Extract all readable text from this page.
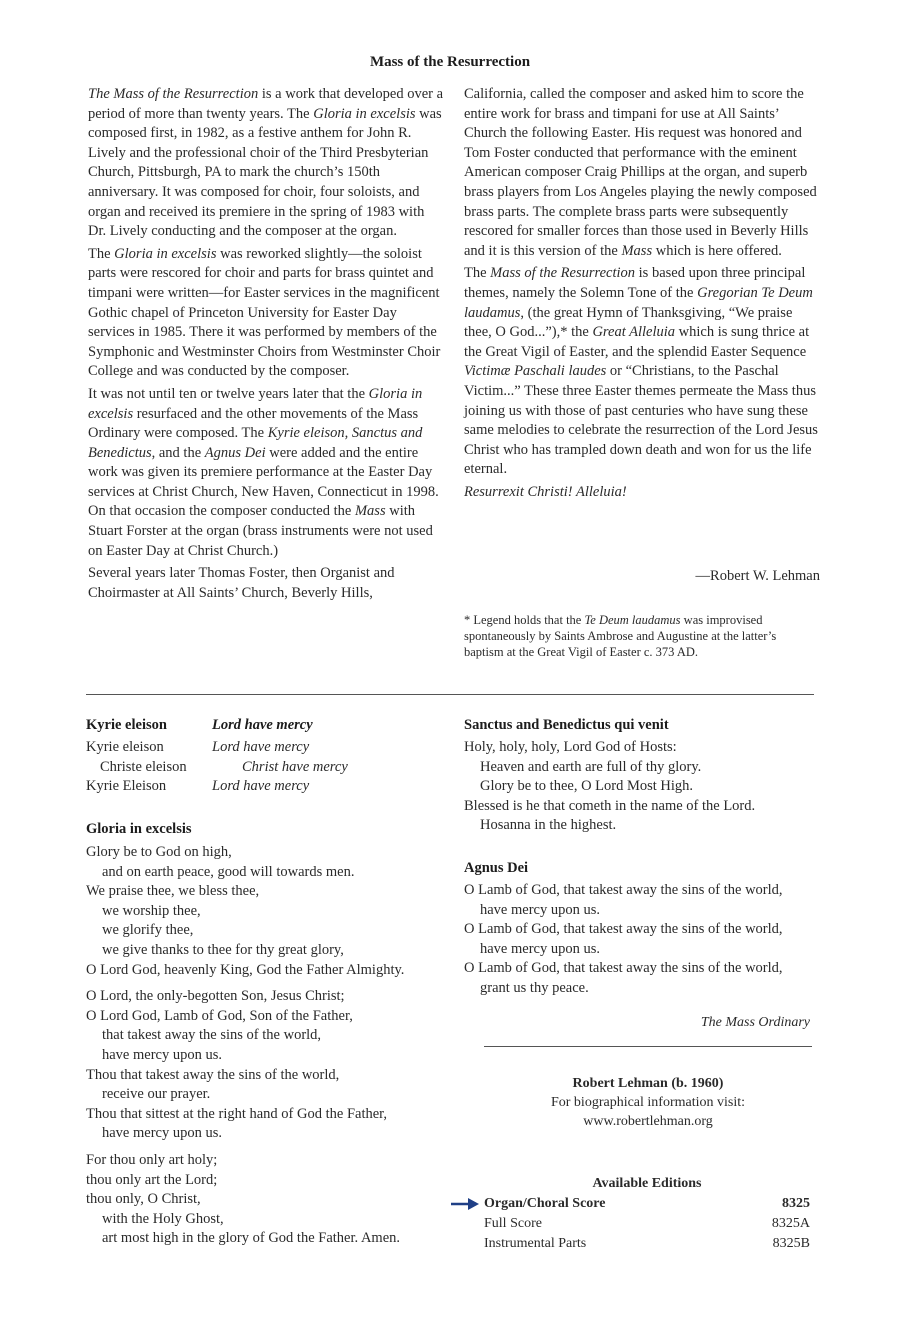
Mass of the Resurrection

The Mass of the Resurrection is a work that developed over a period of more than twenty years. The Gloria in excelsis was composed first, in 1982, as a festive anthem for John R. Lively and the professional choir of the Third Presbyterian Church, Pittsburgh, PA to mark the church’s 150th anniversary. It was composed for choir, four soloists, and organ and received its premiere in the spring of 1983 with Dr. Lively conducting and the composer at the organ.

The Gloria in excelsis was reworked slightly—the soloist parts were rescored for choir and parts for brass quintet and timpani were written—for Easter services in the magnificent Gothic chapel of Princeton University for Easter Day services in 1985. There it was performed by members of the Symphonic and Westminster Choirs from Westminster Choir College and was conducted by the composer.

It was not until ten or twelve years later that the Gloria in excelsis resurfaced and the other movements of the Mass Ordinary were composed. The Kyrie eleison, Sanctus and Benedictus, and the Agnus Dei were added and the entire work was given its premiere performance at the Easter Day services at Christ Church, New Haven, Connecticut in 1998. On that occasion the composer conducted the Mass with Stuart Forster at the organ (brass instruments were not used on Easter Day at Christ Church.)

Several years later Thomas Foster, then Organist and Choirmaster at All Saints’ Church, Beverly Hills,

California, called the composer and asked him to score the entire work for brass and timpani for use at All Saints’ Church the following Easter. His request was honored and Tom Foster conducted that performance with the eminent American composer Craig Phillips at the organ, and superb brass players from Los Angeles playing the newly composed brass parts. The complete brass parts were subsequently rescored for smaller forces than those used in Beverly Hills and it is this version of the Mass which is here offered.

The Mass of the Resurrection is based upon three principal themes, namely the Solemn Tone of the Gregorian Te Deum laudamus, (the great Hymn of Thanksgiving, “We praise thee, O God...”),* the Great Alleluia which is sung thrice at the Great Vigil of Easter, and the splendid Easter Sequence Victimæ Paschali laudes or “Christians, to the Paschal Victim...” These three Easter themes permeate the Mass thus joining us with those of past centuries who have sung these same melodies to celebrate the resurrection of the Lord Jesus Christ who has trampled down death and won for us the life eternal.

Resurrexit Christi! Alleluia!

—Robert W. Lehman
* Legend holds that the Te Deum laudamus was improvised spontaneously by Saints Ambrose and Augustine at the latter’s baptism at the Great Vigil of Easter c. 373 AD.
Kyrie eleison	Lord have mercy
Kyrie eleison	Lord have mercy
Christe eleison	Christ have mercy
Kyrie Eleison	Lord have mercy
Gloria in excelsis
Glory be to God on high,
and on earth peace, good will towards men.
We praise thee, we bless thee,
we worship thee,
we glorify thee,
we give thanks to thee for thy great glory,
O Lord God, heavenly King, God the Father Almighty.
O Lord, the only-begotten Son, Jesus Christ;
O Lord God, Lamb of God, Son of the Father,
that takest away the sins of the world,
have mercy upon us.
Thou that takest away the sins of the world,
receive our prayer.
Thou that sittest at the right hand of God the Father,
have mercy upon us.
For thou only art holy;
thou only art the Lord;
thou only, O Christ,
with the Holy Ghost,
art most high in the glory of God the Father. Amen.
Sanctus and Benedictus qui venit
Holy, holy, holy, Lord God of Hosts:
Heaven and earth are full of thy glory.
Glory be to thee, O Lord Most High.
Blessed is he that cometh in the name of the Lord.
Hosanna in the highest.
Agnus Dei
O Lamb of God, that takest away the sins of the world,
have mercy upon us.
O Lamb of God, that takest away the sins of the world,
have mercy upon us.
O Lamb of God, that takest away the sins of the world,
grant us thy peace.
The Mass Ordinary
Robert Lehman (b. 1960)
For biographical information visit:
www.robertlehman.org
Available Editions
Organ/Choral Score	8325
Full Score	8325A
Instrumental Parts	8325B
